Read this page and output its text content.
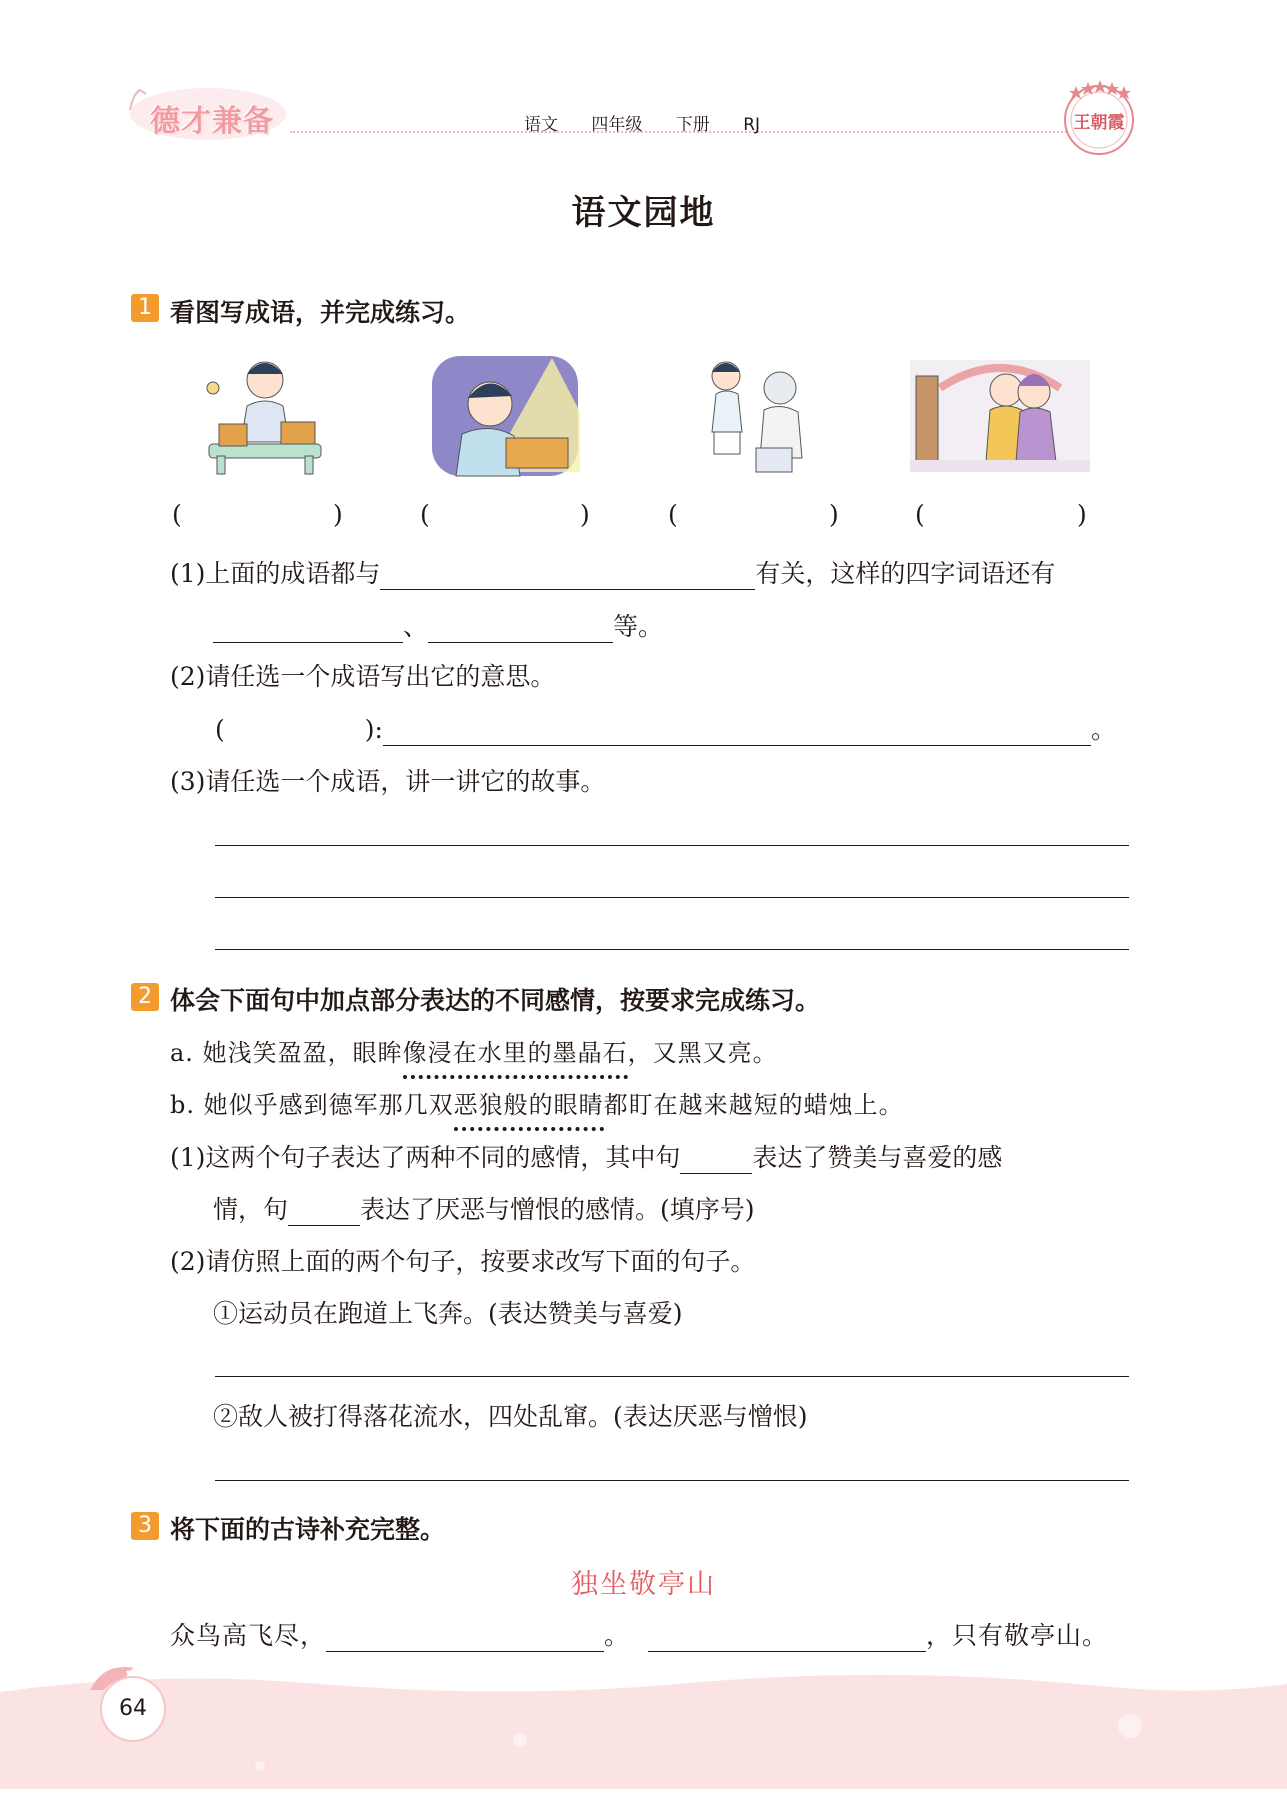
德才兼备	语文 四年级 下册 RJ	王朝霞
语文园地
1 看图写成语，并完成练习。
(	)	(	)	(	)	(	)
(1)上面的成语都与	有关，这样的四字词语还有
、	等。
(2)请任选一个成语写出它的意思。
(	):	。
(3)请任选一个成语，讲一讲它的故事。
2 体会下面句中加点部分表达的不同感情，按要求完成练习。
a. 她浅笑盈盈，眼眸像浸在水里的墨晶石，又黑又亮。
b. 她似乎感到德军那几双恶狼般的眼睛都盯在越来越短的蜡烛上。
(1)这两个句子表达了两种不同的感情，其中句	表达了赞美与喜爱的感
情，句	表达了厌恶与憎恨的感情。(填序号)
(2)请仿照上面的两个句子，按要求改写下面的句子。
①运动员在跑道上飞奔。(表达赞美与喜爱)
②敌人被打得落花流水，四处乱窜。(表达厌恶与憎恨)
3 将下面的古诗补充完整。
独坐敬亭山
众鸟高飞尽，	。	，只有敬亭山。
64
